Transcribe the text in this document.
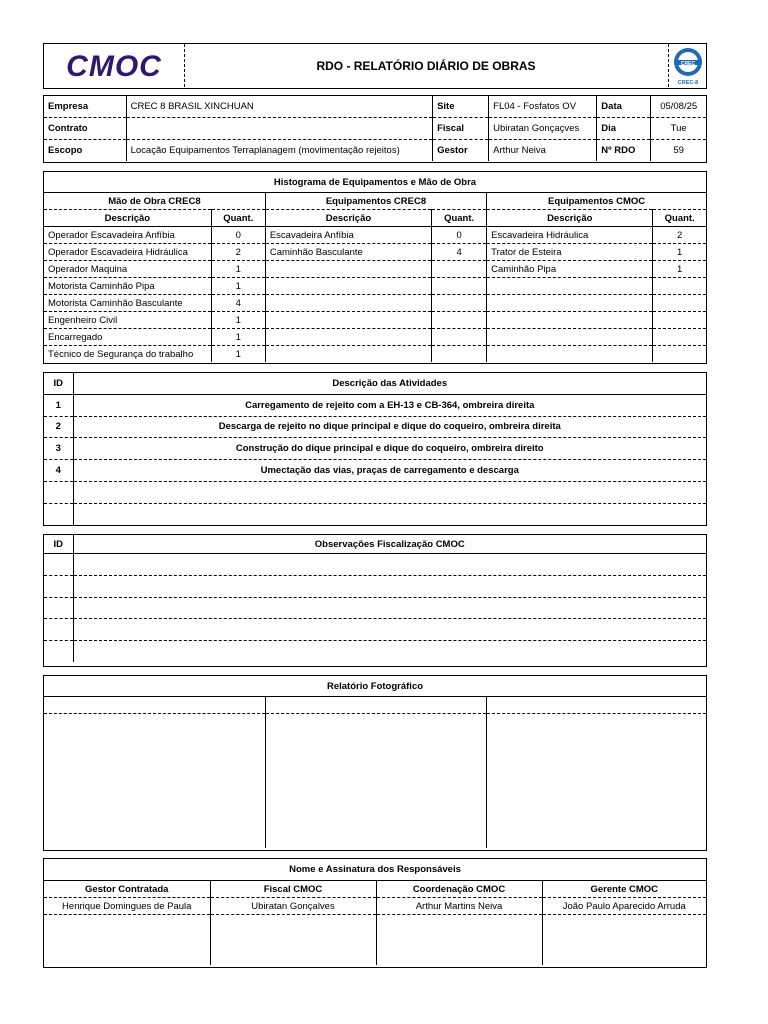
CMOC	RDO - RELATÓRIO DIÁRIO DE OBRAS	CREC
CREC-8
Empresa	CREC 8 BRASIL XINCHUAN	Site	FL04 - Fosfatos OV	Data	05/08/25
Contrato		Fiscal	Ubiratan Gonçaçves	Dia	Tue
Escopo	Locação Equipamentos Terraplanagem (movimentação rejeitos)	Gestor	Arthur Neiva	Nº RDO	59
Histograma de Equipamentos e Mão de Obra					
Mão de Obra CREC8		Equipamentos CREC8		Equipamentos CMOC	
Descrição	Quant.	Descrição	Quant.	Descrição	Quant.
Operador Escavadeira Anfíbia	0	Escavadeira Anfíbia	0	Escavadeira Hidráulica	2
Operador Escavadeira Hidráulica	2	Caminhão Basculante	4	Trator de Esteira	1
Operador Maquina	1			Caminhão Pipa	1
Motorista Caminhão Pipa	1				
Motorista Caminhão Basculante	4				
Engenheiro Civil	1				
Encarregado	1				
Técnico de Segurança do trabalho	1				
ID	Descrição das Atividades
1	Carregamento de rejeito com a EH-13 e CB-364, ombreira direita
2	Descarga de rejeito no dique principal e dique do coqueiro, ombreira direita
3	Construção do dique principal e dique do coqueiro, ombreira direito
4	Umectação das vias, praças de carregamento e descarga

ID	Observações Fiscalização CMOC

Relatório Fotográfico		

Nome e Assinatura dos Responsáveis			
Gestor Contratada	Fiscal CMOC	Coordenação CMOC	Gerente CMOC
Henrique Domingues de Paula	Ubiratan Gonçalves	Arthur Martins Neiva	João Paulo Aparecido Arruda
